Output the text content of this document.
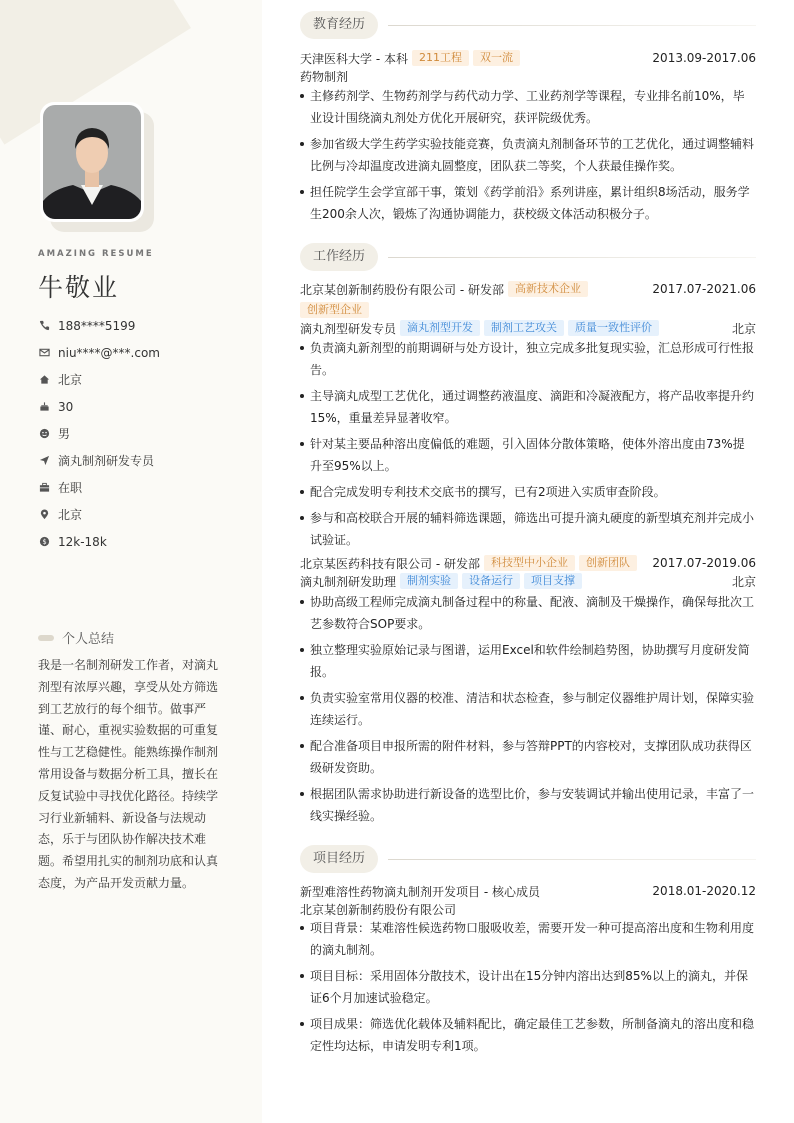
AMAZING RESUME
牛敬业
188****5199
niu****@***.com
北京
30
男
滴丸制剂研发专员
在职
北京
$ 12k-18k
个人总结
我是一名制剂研发工作者，对滴丸剂型有浓厚兴趣，享受从处方筛选到工艺放行的每个细节。做事严谨、耐心，重视实验数据的可重复性与工艺稳健性。能熟练操作制剂常用设备与数据分析工具，擅长在反复试验中寻找优化路径。持续学习行业新辅料、新设备与法规动态，乐于与团队协作解决技术难题。希望用扎实的制剂功底和认真态度，为产品开发贡献力量。
教育经历
天津医科大学 - 本科	211工程	双一流	2013.09-2017.06
药物制剂
主修药剂学、生物药剂学与药代动力学、工业药剂学等课程，专业排名前10%，毕业设计围绕滴丸剂处方优化开展研究，获评院级优秀。
参加省级大学生药学实验技能竞赛，负责滴丸剂制备环节的工艺优化，通过调整辅料比例与冷却温度改进滴丸圆整度，团队获二等奖，个人获最佳操作奖。
担任院学生会学宣部干事，策划《药学前沿》系列讲座，累计组织8场活动，服务学生200余人次，锻炼了沟通协调能力，获校级文体活动积极分子。
工作经历
北京某创新制药股份有限公司 - 研发部	高新技术企业	2017.07-2021.06
创新型企业
滴丸剂型研发专员	滴丸剂型开发	制剂工艺攻关	质量一致性评价	北京
负责滴丸新剂型的前期调研与处方设计，独立完成多批复现实验，汇总形成可行性报告。
主导滴丸成型工艺优化，通过调整药液温度、滴距和冷凝液配方，将产品收率提升约15%，重量差异显著收窄。
针对某主要品种溶出度偏低的难题，引入固体分散体策略，使体外溶出度由73%提升至95%以上。
配合完成发明专利技术交底书的撰写，已有2项进入实质审查阶段。
参与和高校联合开展的辅料筛选课题，筛选出可提升滴丸硬度的新型填充剂并完成小试验证。
北京某医药科技有限公司 - 研发部	科技型中小企业	创新团队	2017.07-2019.06
滴丸制剂研发助理	制剂实验	设备运行	项目支撑	北京
协助高级工程师完成滴丸制备过程中的称量、配液、滴制及干燥操作，确保每批次工艺参数符合SOP要求。
独立整理实验原始记录与图谱，运用Excel和软件绘制趋势图，协助撰写月度研发简报。
负责实验室常用仪器的校准、清洁和状态检查，参与制定仪器维护周计划，保障实验连续运行。
配合准备项目申报所需的附件材料，参与答辩PPT的内容校对，支撑团队成功获得区级研发资助。
根据团队需求协助进行新设备的选型比价，参与安装调试并输出使用记录，丰富了一线实操经验。
项目经历
新型难溶性药物滴丸制剂开发项目 - 核心成员	2018.01-2020.12
北京某创新制药股份有限公司
项目背景：某难溶性候选药物口服吸收差，需要开发一种可提高溶出度和生物利用度的滴丸制剂。
项目目标：采用固体分散技术，设计出在15分钟内溶出达到85%以上的滴丸，并保证6个月加速试验稳定。
项目成果：筛选优化载体及辅料配比，确定最佳工艺参数，所制备滴丸的溶出度和稳定性均达标，申请发明专利1项。
